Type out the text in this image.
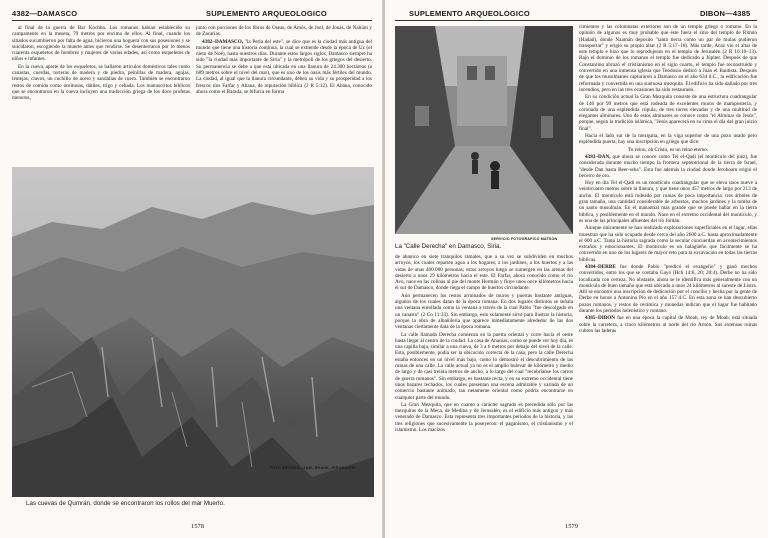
4382—DAMASCO	SUPLEMENTO ARQUEOLOGICO

al final de la guerra de Bar Kochba. Los romanos habían establecido su campamento en la meseta, 79 metros por encima de ellos. Al final, cuando los sitiados sucumbieron por falta de agua, hicieron una hoguera con sus posesiones y se suicidaron, escogiendo la muerte antes que rendirse. Se desenterraron por lo menos cuarenta esqueletos de hombres y mujeres de varias edades, así como esqueletos de niños e infantes.

En la cueva, aparte de los esqueletos, se hallaron artículos domésticos tales como canastas, cuerdas, torteras de madera y de piedra, peinillas de madera, agujas, lentejas, clavos, un cuchillo de acero y sandalias de cuero. También se encontraron restos de comida como aceitunas, dátiles, trigo y cebada. Los manuscritos bíblicos que se encontraron en la cueva incluyen una traducción griega de los doce profetas menores,

junto con porciones de los libros de Oseas, de Amós, de Joel, de Jonás, de Nahúm y de Zacarías.

4382–DAMASCO, "la Perla del este", se dice que es la ciudad más antigua del mundo que tiene una historia continua, la cual se extiende desde la época de Uz (el nieto de Noé), hasta nuestros días. Durante estos largos siglos, Damasco siempre ha sido "la ciudad más importante de Siria" y la metrópoli de los griegos del desierto. Su permanencia se debe a que está ubicada en una llanura de 24.300 hectáreas (a 689 metros sobre el nivel del mar), que es uno de los oasis más fértiles del mundo. La ciudad, al igual que la llanura circundante, deben su vida y su prosperidad a los frescos ríos Farfar y Abana, de reputación bíblica (2 R 5:12). El Abana, conocido ahora como el Barada, se bifurca en forma

FOTO ARCHIVO—YAEL BRAUN, JERUSALEM
Las cuevas de Qumrán, donde se encontraron los rollos del mar Muerto.
1578
SUPLEMENTO ARQUEOLOGICO	DIBON—4385
SERVICIO FOTOGRAFICO MATSON
La "Calle Derecha" en Damasco, Siria.

de abanico en siete tranquilos ramales, que a su vez se subdividen en muchos arroyos, los cuales reparten agua a los hogares, a los jardines, a los huertos y a las vidas de unas 400.000 personas; estos arroyos luego se sumergen en las arenas del desierto a unos 29 kilómetros hacia el este. El Farfar, ahora conocido como el río Avo, nace en las colinas al pie del monte Hermón y fluye unos once kilómetros hacia el sur de Damasco, donde riega el campo de huertos circundante.

Aún permanecen los restos arruinados de muros y puertas bastante antiguas, algunos de los cuales datan de la época romana. En dos lugares distintos se señala una ventana enrollada como la ventana a través de la cual Pablo "fue descolgado en un canasto" (2 Co 11:33). Sin embargo, esto solamente sirve para ilustrar la historia, porque la obra de albañilería que aparece inmediatamente alrededor de las dos ventanas ciertamente data de la época romana.

La calle llamada Derecha comienza en la puerta oriental y corre hacia el oeste hasta llegar al centro de la ciudad. La casa de Ananías, como se puede ver hoy día, es una capilla baja, similar a una cueva, de 3 a 6 metros por debajo del nivel de la calle. Esta, posiblemente, podía ser la ubicación correcta de la casa, pero la calle Derecha estaba entonces en un nivel más bajo, como lo demostró el descubrimiento de las ruinas de una calle. La calle actual ya no es el amplio bulevar de kilómetro y medio de largo y de casi treinta metros de ancho, a lo largo del cual "recubríanse los carros de guerra romanos". Sin embargo, es bastante recta, y en su extremo occidental tiene unos bazares techados, los cuales presentan una escena admirable y variada de un comercio bastante animado, tan netamente oriental como podría encontrarse en cualquier parte del mundo.

La Gran Mezquita, que en cuanto a carácter sagrado es precedida sólo por las mezquitas de la Meca, de Medina y de Jerusalén, es el edificio más antiguo y más venerado de Damasco. Esta representa tres importantes períodos de la historia, y las tres religiones que sucesivamente la poseyeron: el paganismo, el cristianismo y el islamismo. Los macizos

cimientos y las columnatas exteriores son de un templo griego o romano. En la opinión de algunos es muy probable que éste fuera el sitio del templo de Rimón (Hadad), donde Naamán deposito "tanta tierra como un par de mulas pudieron transportar" y erigió su propio altar (2 R 5:17–18). Más tarde, Acaz vio el altar de este templo e hizo que lo reprodujeran en el templo de Jerusalén (2 R 16:10–13). Bajo el dominio de los romanos el templo fue dedicado a Júpiter. Después de que Constantino abrazó el cristianismo en el siglo cuarto, el templo fue reconstruido y convertido en una inmensa iglesia que Teodosio dedicó a Juan el Bautista. Después de que los musulmanes capturaron a Damasco en el año 634 d.C., la edificación fue reformada y convertida en una suntuosa mezquita. El edificio ha sido dañado por tres incendios, pero en las tres ocasiones ha sido restaurado.

En su condición actual la Gran Mezquita consiste de una estructura cuadrangular de 146 por 99 metros que está rodeada de excelentes muros de mampostería, y coronada de una espléndida cúpula, de tres torres elevadas y de una multitud de elegantes alminares. Uno de estos alminares se conoce como "el Alminar de Jesús", porque, según la tradición islámica, "Jesús aparecerá en su cima el día del gran juicio final".

Hacia el lado sur de la mezquita, en la viga superior de una pozo usado pero espléndida puerta, hay una inscripción en griego que dice:

Tu reino, oh Cristo, es un reino eterno.

4383–DAN, que ahora se conoce como Tel el-Qadi (el montículo del juez), fue considerada durante mucho tiempo la frontera septentrional de la tierra de Israel, "desde Dan hasta Beer-seba". Esta fue además la ciudad donde Jeroboam erigió el becerro de oro.

Hoy en día Tel el-Qadi es un montículo cuadrangular que se eleva unos nueve a veinticuatro metros sobre la llanura, y que tiene unos 457 metros de largo por 213 de ancho. El montículo está rodeado por ruinas de poca importancia; tres árboles de gran tamaño, una cantidad considerable de arbustos, muchos jardines y la tumba de un santo musulmán. En el manantial más grande que se puede hallar en la tierra bíblica, y posiblemente en el mundo. Nace en el extremo occidental del montículo, y es una de las principales afluentes del río Jordán.

Aunque únicamente se han realizado exploraciones superficiales en el lugar, ellas muestran que ha sido ocupado desde cerca del año 2600 a.C. hasta aproximadamente el 600 a.C. Tanto la historia sagrada como la secular concuerdan en acontecimientos extraños y emocionantes. El montículo es un halagüeño que fácilmente se ha convertido en uno de los lugares de mayor reto para la excavación en todas las tierras bíblicas.

4384–DERBE fue donde Pablo "predicó el evangelio" y ganó muchos convertidos, entre los que se contaba Gayo (Hch 14:6, 20; 20:4). Derbe no ha sido localizada con certeza. No obstante, ahora se le identifica más generalmente con un montículo de buen tamaño que está ubicado a unos 24 kilómetros al sureste de Listra. Allí se encontró una inscripción de dedicación por el concilio y hecha por la gente de Derbe en honor a Antonino Pío en el año 157 d.C. En esta zona se han descubierto pozos romanos, y restos de cerámica y monedas indican que el lugar fue habitado durante los períodos helenístico y romano.

4385–DIBON fue en una época la capital de Moab, rey de Moab; está situada sobre la carretera, a cinco kilómetros al norte del río Arnón. Sus extensas ruinas cubren las laderas

1579
